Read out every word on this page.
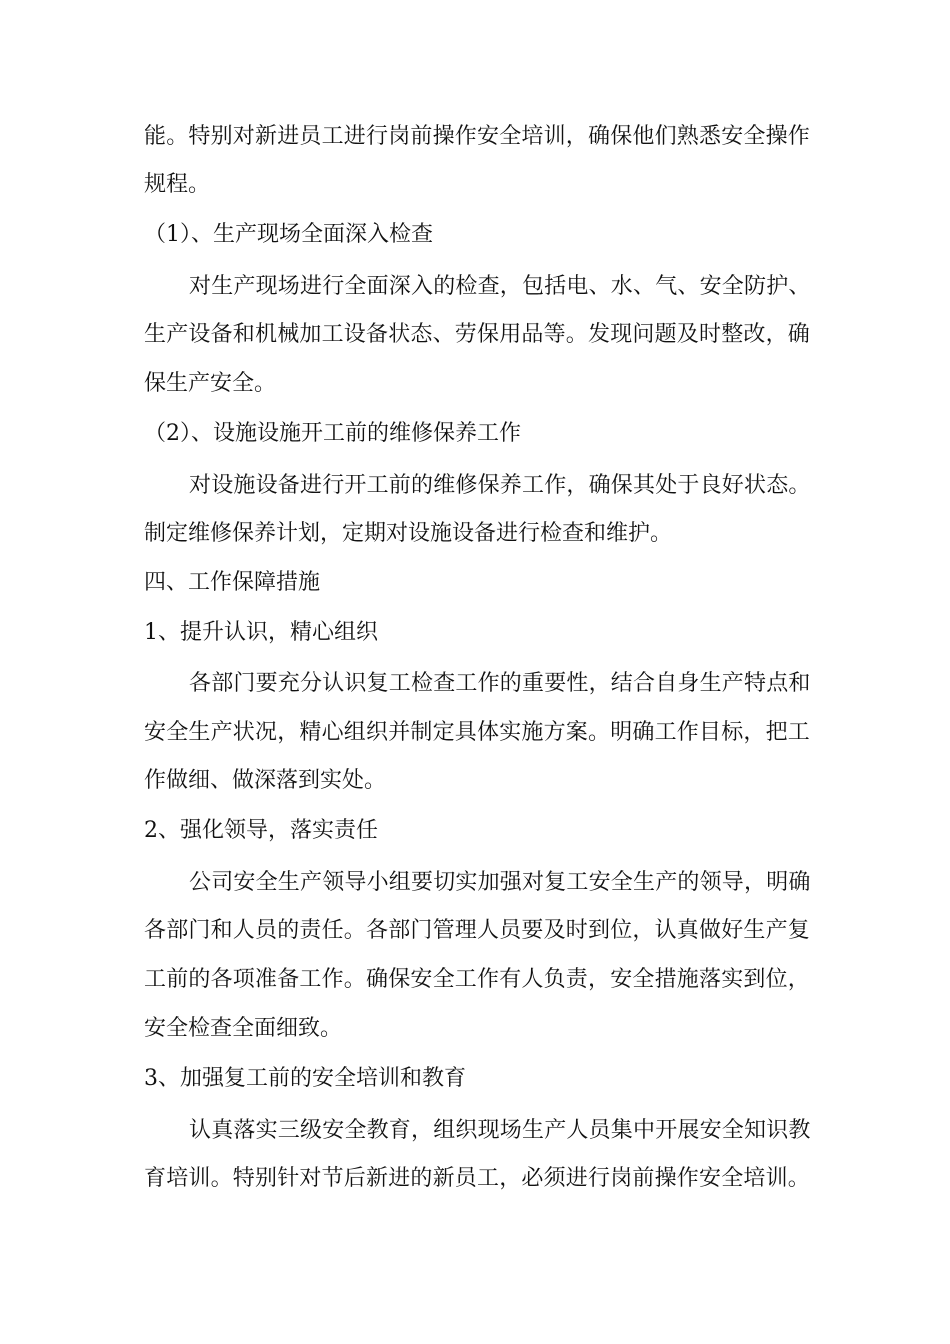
能。特别对新进员工进行岗前操作安全培训，确保他们熟悉安全操作
规程。
（1）、生产现场全面深入检查
对生产现场进行全面深入的检查，包括电、水、气、安全防护、
生产设备和机械加工设备状态、劳保用品等。发现问题及时整改，确
保生产安全。
（2）、设施设施开工前的维修保养工作
对设施设备进行开工前的维修保养工作，确保其处于良好状态。
制定维修保养计划，定期对设施设备进行检查和维护。
四、工作保障措施
1、提升认识，精心组织
各部门要充分认识复工检查工作的重要性，结合自身生产特点和
安全生产状况，精心组织并制定具体实施方案。明确工作目标，把工
作做细、做深落到实处。
2、强化领导，落实责任
公司安全生产领导小组要切实加强对复工安全生产的领导，明确
各部门和人员的责任。各部门管理人员要及时到位，认真做好生产复
工前的各项准备工作。确保安全工作有人负责，安全措施落实到位，
安全检查全面细致。
3、加强复工前的安全培训和教育
认真落实三级安全教育，组织现场生产人员集中开展安全知识教
育培训。特别针对节后新进的新员工，必须进行岗前操作安全培训。
